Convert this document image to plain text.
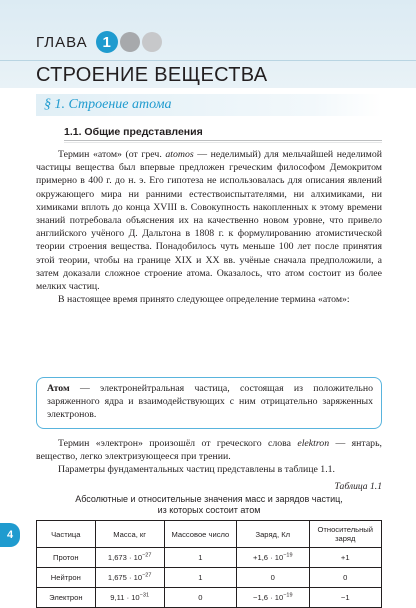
ГЛАВА 1
СТРОЕНИЕ ВЕЩЕСТВА
§ 1. Строение атома
1.1. Общие представления

Термин «атом» (от греч. atomos — неделимый) для мельчайшей неделимой частицы вещества был впервые предложен греческим философом Демокритом примерно в 400 г. до н. э. Его гипотеза не использовалась для описания явлений окружающего мира ни ранними естествоиспытателями, ни алхимиками, ни химиками вплоть до конца XVIII в. Совокупность накопленных к этому времени знаний потребовала объяснения их на качественно новом уровне, что привело английского учёного Д. Дальтона в 1808 г. к формулированию атомистической теории строения вещества. Понадобилось чуть меньше 100 лет после принятия этой теории, чтобы на границе XIX и XX вв. учёные сначала предположили, а затем доказали сложное строение атома. Оказалось, что атом состоит из более мелких частиц.

В настоящее время принято следующее определение термина «атом»:

Атом — электронейтральная частица, состоящая из положительно заряженного ядра и взаимодействующих с ним отрицательно заряженных электронов.

Термин «электрон» произошёл от греческого слова elektron — янтарь, вещество, легко электризующееся при трении.

Параметры фундаментальных частиц представлены в таблице 1.1.

Таблица 1.1
Абсолютные и относительные значения масс и зарядов частиц,
из которых состоит атом
Частица	Масса, кг	Массовое число	Заряд, Кл	Относительный заряд
Протон	$1,673 \cdot 10^{-27}$	1	$+1,6 \cdot 10^{-19}$	+1
Нейтрон	$1,675 \cdot 10^{-27}$	1	0	0
Электрон	$9,11 \cdot 10^{-31}$	0	$-1,6 \cdot 10^{-19}$	−1
4
